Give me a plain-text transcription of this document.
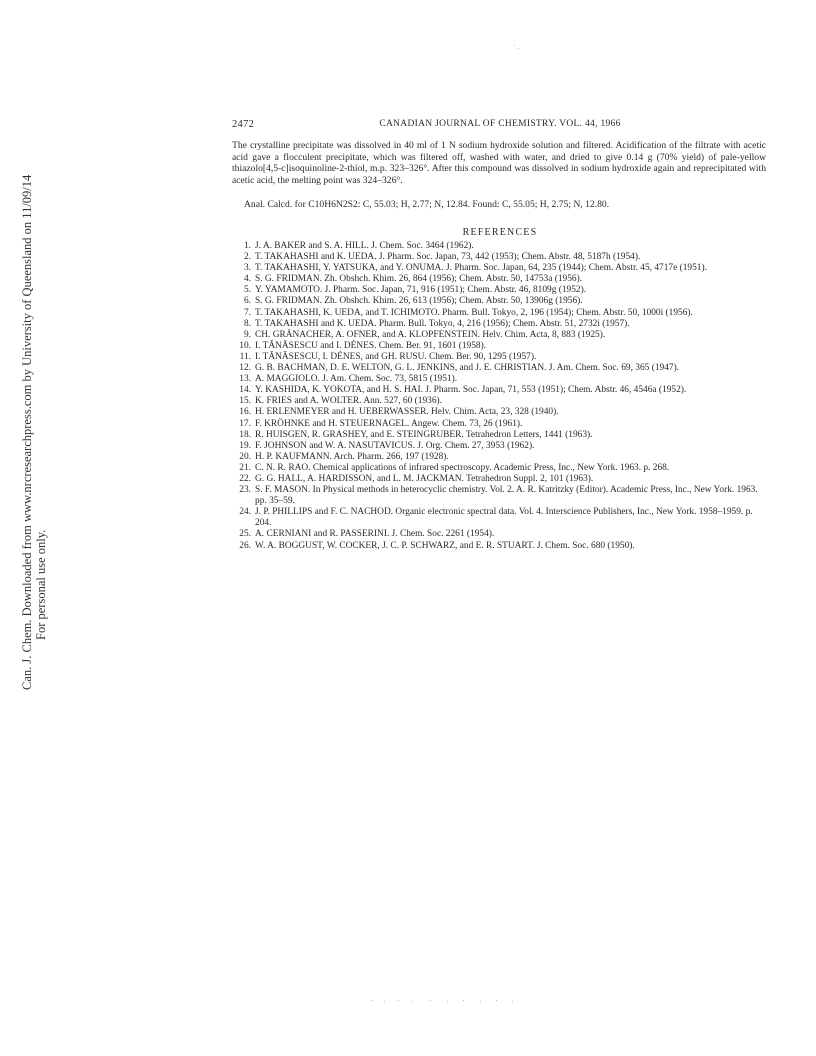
Can. J. Chem. Downloaded from www.nrcresearchpress.com by University of Queensland on 11/09/14 For personal use only.
2472	CANADIAN JOURNAL OF CHEMISTRY. VOL. 44, 1966
The crystalline precipitate was dissolved in 40 ml of 1 N sodium hydroxide solution and filtered. Acidification of the filtrate with acetic acid gave a flocculent precipitate, which was filtered off, washed with water, and dried to give 0.14 g (70% yield) of pale-yellow thiazolo[4,5-c]isoquinoline-2-thiol, m.p. 323–326°. After this compound was dissolved in sodium hydroxide again and reprecipitated with acetic acid, the melting point was 324–326°.
Anal. Calcd. for C10H6N2S2: C, 55.03; H, 2.77; N, 12.84. Found: C, 55.05; H, 2.75; N, 12.80.
REFERENCES
1. J. A. BAKER and S. A. HILL. J. Chem. Soc. 3464 (1962).
2. T. TAKAHASHI and K. UEDA. J. Pharm. Soc. Japan, 73, 442 (1953); Chem. Abstr. 48, 5187h (1954).
3. T. TAKAHASHI, Y. YATSUKA, and Y. ONUMA. J. Pharm. Soc. Japan, 64, 235 (1944); Chem. Abstr. 45, 4717e (1951).
4. S. G. FRIDMAN. Zh. Obshch. Khim. 26, 864 (1956); Chem. Abstr. 50, 14753a (1956).
5. Y. YAMAMOTO. J. Pharm. Soc. Japan, 71, 916 (1951); Chem. Abstr. 46, 8109g (1952).
6. S. G. FRIDMAN. Zh. Obshch. Khim. 26, 613 (1956); Chem. Abstr. 50, 13906g (1956).
7. T. TAKAHASHI, K. UEDA, and T. ICHIMOTO. Pharm. Bull. Tokyo, 2, 196 (1954); Chem. Abstr. 50, 1000i (1956).
8. T. TAKAHASHI and K. UEDA. Pharm. Bull. Tokyo, 4, 216 (1956); Chem. Abstr. 51, 2732i (1957).
9. CH. GRÄNACHER, A. OFNER, and A. KLOPFENSTEIN. Helv. Chim. Acta, 8, 883 (1925).
10. I. TĂNĂSESCU and I. DÉNES. Chem. Ber. 91, 1601 (1958).
11. I. TĂNĂSESCU, I. DÉNES, and GH. RUSU. Chem. Ber. 90, 1295 (1957).
12. G. B. BACHMAN, D. E. WELTON, G. L. JENKINS, and J. E. CHRISTIAN. J. Am. Chem. Soc. 69, 365 (1947).
13. A. MAGGIOLO. J. Am. Chem. Soc. 73, 5815 (1951).
14. Y. KASHIDA, K. YOKOTA, and H. S. HAI. J. Pharm. Soc. Japan, 71, 553 (1951); Chem. Abstr. 46, 4546a (1952).
15. K. FRIES and A. WOLTER. Ann. 527, 60 (1936).
16. H. ERLENMEYER and H. UEBERWASSER. Helv. Chim. Acta, 23, 328 (1940).
17. F. KRÖHNKE and H. STEUERNAGEL. Angew. Chem. 73, 26 (1961).
18. R. HUISGEN, R. GRASHEY, and E. STEINGRUBER. Tetrahedron Letters, 1441 (1963).
19. F. JOHNSON and W. A. NASUTAVICUS. J. Org. Chem. 27, 3953 (1962).
20. H. P. KAUFMANN. Arch. Pharm. 266, 197 (1928).
21. C. N. R. RAO. Chemical applications of infrared spectroscopy. Academic Press, Inc., New York. 1963. p. 268.
22. G. G. HALL, A. HARDISSON, and L. M. JACKMAN. Tetrahedron Suppl. 2, 101 (1963).
23. S. F. MASON. In Physical methods in heterocyclic chemistry. Vol. 2. A. R. Katritzky (Editor). Academic Press, Inc., New York. 1963. pp. 35–59.
24. J. P. PHILLIPS and F. C. NACHOD. Organic electronic spectral data. Vol. 4. Interscience Publishers, Inc., New York. 1958–1959. p. 204.
25. A. CERNIANI and R. PASSERINI. J. Chem. Soc. 2261 (1954).
26. W. A. BOGGUST, W. COCKER, J. C. P. SCHWARZ, and E. R. STUART. J. Chem. Soc. 680 (1950).
